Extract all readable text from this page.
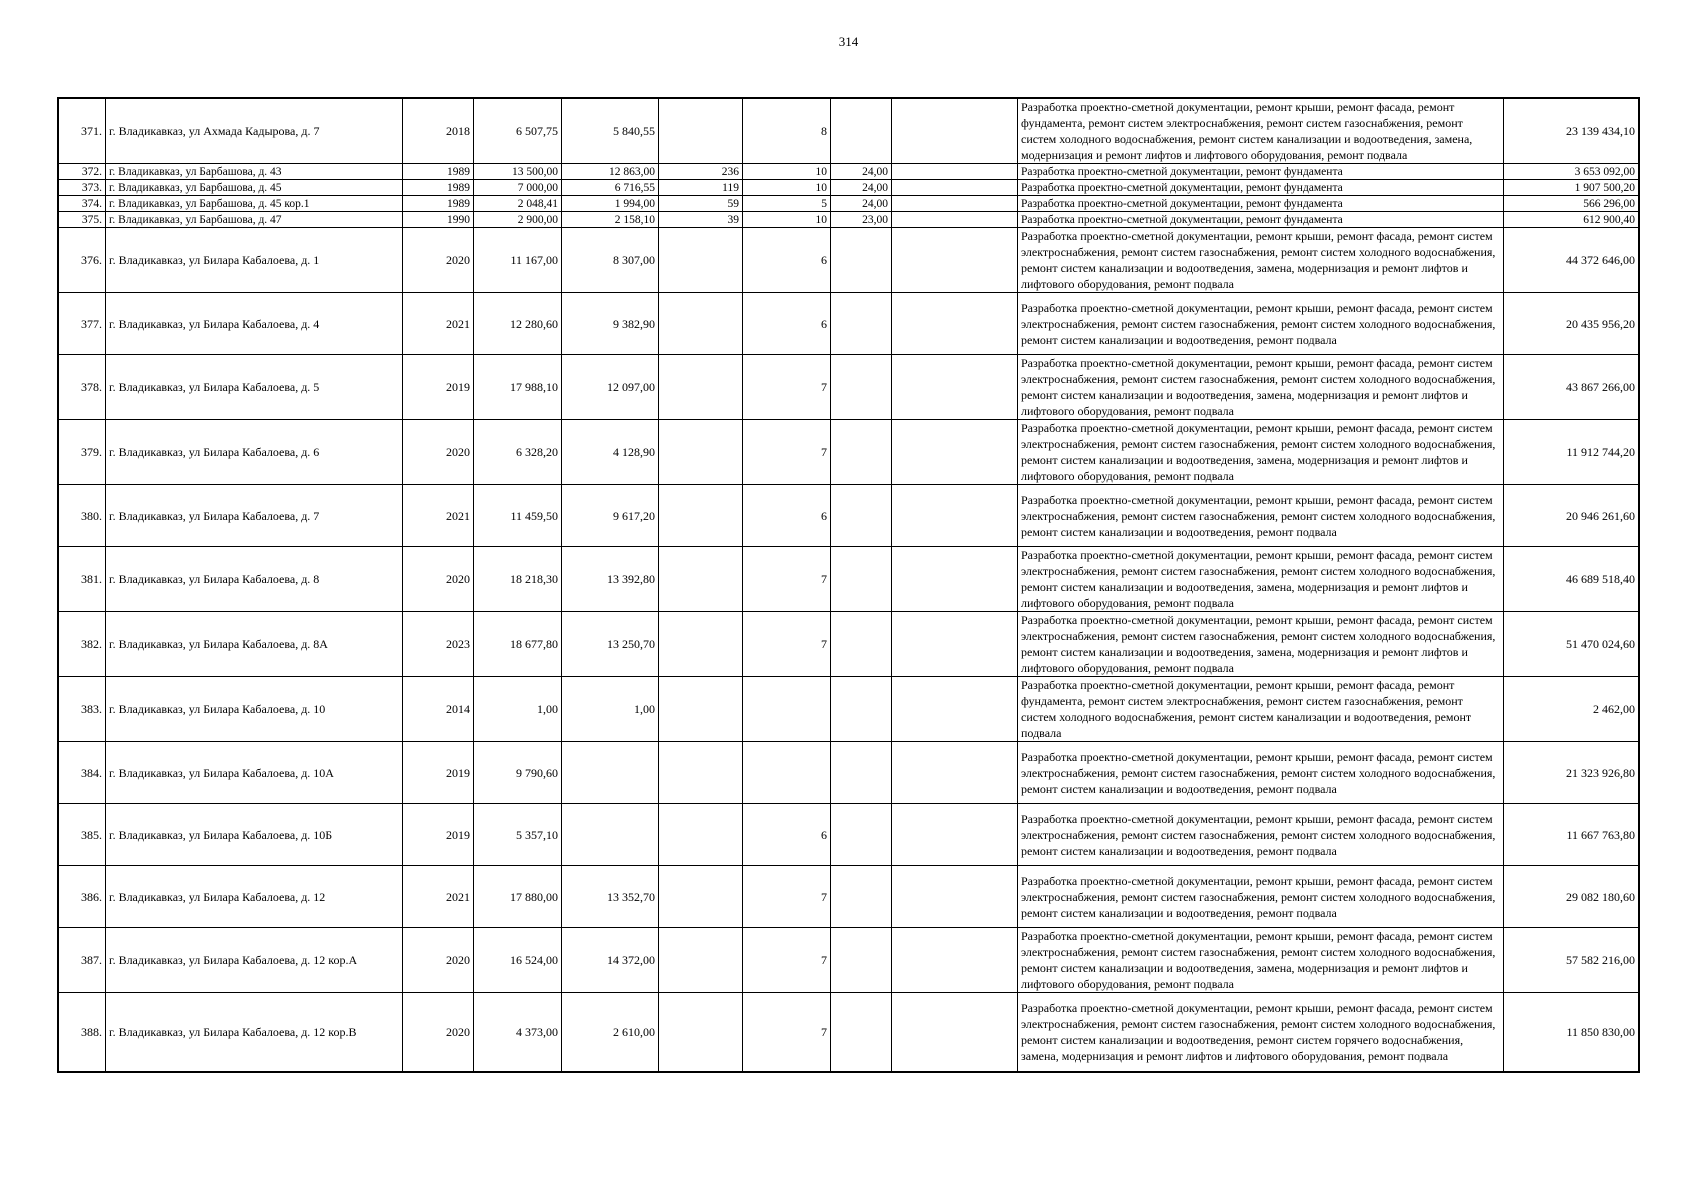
314
371.	г. Владикавказ, ул Ахмада Кадырова, д. 7	2018	6 507,75	5 840,55		8			Разработка проектно-сметной документации, ремонт крыши, ремонт фасада, ремонт фундамента, ремонт систем электроснабжения, ремонт систем газоснабжения, ремонт систем холодного водоснабжения, ремонт систем канализации и водоотведения, замена, модернизация и ремонт лифтов и лифтового оборудования, ремонт подвала	23 139 434,10
372.	г. Владикавказ, ул Барбашова, д. 43	1989	13 500,00	12 863,00	236	10	24,00		Разработка проектно-сметной документации, ремонт фундамента	3 653 092,00
373.	г. Владикавказ, ул Барбашова, д. 45	1989	7 000,00	6 716,55	119	10	24,00		Разработка проектно-сметной документации, ремонт фундамента	1 907 500,20
374.	г. Владикавказ, ул Барбашова, д. 45 кор.1	1989	2 048,41	1 994,00	59	5	24,00		Разработка проектно-сметной документации, ремонт фундамента	566 296,00
375.	г. Владикавказ, ул Барбашова, д. 47	1990	2 900,00	2 158,10	39	10	23,00		Разработка проектно-сметной документации, ремонт фундамента	612 900,40
376.	г. Владикавказ, ул Билара Кабалоева, д. 1	2020	11 167,00	8 307,00		6			Разработка проектно-сметной документации, ремонт крыши, ремонт фасада, ремонт систем электроснабжения, ремонт систем газоснабжения, ремонт систем холодного водоснабжения, ремонт систем канализации и водоотведения, замена, модернизация и ремонт лифтов и лифтового оборудования, ремонт подвала	44 372 646,00
377.	г. Владикавказ, ул Билара Кабалоева, д. 4	2021	12 280,60	9 382,90		6			Разработка проектно-сметной документации, ремонт крыши, ремонт фасада, ремонт систем электроснабжения, ремонт систем газоснабжения, ремонт систем холодного водоснабжения, ремонт систем канализации и водоотведения, ремонт подвала	20 435 956,20
378.	г. Владикавказ, ул Билара Кабалоева, д. 5	2019	17 988,10	12 097,00		7			Разработка проектно-сметной документации, ремонт крыши, ремонт фасада, ремонт систем электроснабжения, ремонт систем газоснабжения, ремонт систем холодного водоснабжения, ремонт систем канализации и водоотведения, замена, модернизация и ремонт лифтов и лифтового оборудования, ремонт подвала	43 867 266,00
379.	г. Владикавказ, ул Билара Кабалоева, д. 6	2020	6 328,20	4 128,90		7			Разработка проектно-сметной документации, ремонт крыши, ремонт фасада, ремонт систем электроснабжения, ремонт систем газоснабжения, ремонт систем холодного водоснабжения, ремонт систем канализации и водоотведения, замена, модернизация и ремонт лифтов и лифтового оборудования, ремонт подвала	11 912 744,20
380.	г. Владикавказ, ул Билара Кабалоева, д. 7	2021	11 459,50	9 617,20		6			Разработка проектно-сметной документации, ремонт крыши, ремонт фасада, ремонт систем электроснабжения, ремонт систем газоснабжения, ремонт систем холодного водоснабжения, ремонт систем канализации и водоотведения, ремонт подвала	20 946 261,60
381.	г. Владикавказ, ул Билара Кабалоева, д. 8	2020	18 218,30	13 392,80		7			Разработка проектно-сметной документации, ремонт крыши, ремонт фасада, ремонт систем электроснабжения, ремонт систем газоснабжения, ремонт систем холодного водоснабжения, ремонт систем канализации и водоотведения, замена, модернизация и ремонт лифтов и лифтового оборудования, ремонт подвала	46 689 518,40
382.	г. Владикавказ, ул Билара Кабалоева, д. 8А	2023	18 677,80	13 250,70		7			Разработка проектно-сметной документации, ремонт крыши, ремонт фасада, ремонт систем электроснабжения, ремонт систем газоснабжения, ремонт систем холодного водоснабжения, ремонт систем канализации и водоотведения, замена, модернизация и ремонт лифтов и лифтового оборудования, ремонт подвала	51 470 024,60
383.	г. Владикавказ, ул Билара Кабалоева, д. 10	2014	1,00	1,00					Разработка проектно-сметной документации, ремонт крыши, ремонт фасада, ремонт фундамента, ремонт систем электроснабжения, ремонт систем газоснабжения, ремонт систем холодного водоснабжения, ремонт систем канализации и водоотведения, ремонт подвала	2 462,00
384.	г. Владикавказ, ул Билара Кабалоева, д. 10А	2019	9 790,60						Разработка проектно-сметной документации, ремонт крыши, ремонт фасада, ремонт систем электроснабжения, ремонт систем газоснабжения, ремонт систем холодного водоснабжения, ремонт систем канализации и водоотведения, ремонт подвала	21 323 926,80
385.	г. Владикавказ, ул Билара Кабалоева, д. 10Б	2019	5 357,10			6			Разработка проектно-сметной документации, ремонт крыши, ремонт фасада, ремонт систем электроснабжения, ремонт систем газоснабжения, ремонт систем холодного водоснабжения, ремонт систем канализации и водоотведения, ремонт подвала	11 667 763,80
386.	г. Владикавказ, ул Билара Кабалоева, д. 12	2021	17 880,00	13 352,70		7			Разработка проектно-сметной документации, ремонт крыши, ремонт фасада, ремонт систем электроснабжения, ремонт систем газоснабжения, ремонт систем холодного водоснабжения, ремонт систем канализации и водоотведения, ремонт подвала	29 082 180,60
387.	г. Владикавказ, ул Билара Кабалоева, д. 12 кор.А	2020	16 524,00	14 372,00		7			Разработка проектно-сметной документации, ремонт крыши, ремонт фасада, ремонт систем электроснабжения, ремонт систем газоснабжения, ремонт систем холодного водоснабжения, ремонт систем канализации и водоотведения, замена, модернизация и ремонт лифтов и лифтового оборудования, ремонт подвала	57 582 216,00
388.	г. Владикавказ, ул Билара Кабалоева, д. 12 кор.В	2020	4 373,00	2 610,00		7			Разработка проектно-сметной документации, ремонт крыши, ремонт фасада, ремонт систем электроснабжения, ремонт систем газоснабжения, ремонт систем холодного водоснабжения, ремонт систем канализации и водоотведения, ремонт систем горячего водоснабжения, замена, модернизация и ремонт лифтов и лифтового оборудования, ремонт подвала	11 850 830,00
